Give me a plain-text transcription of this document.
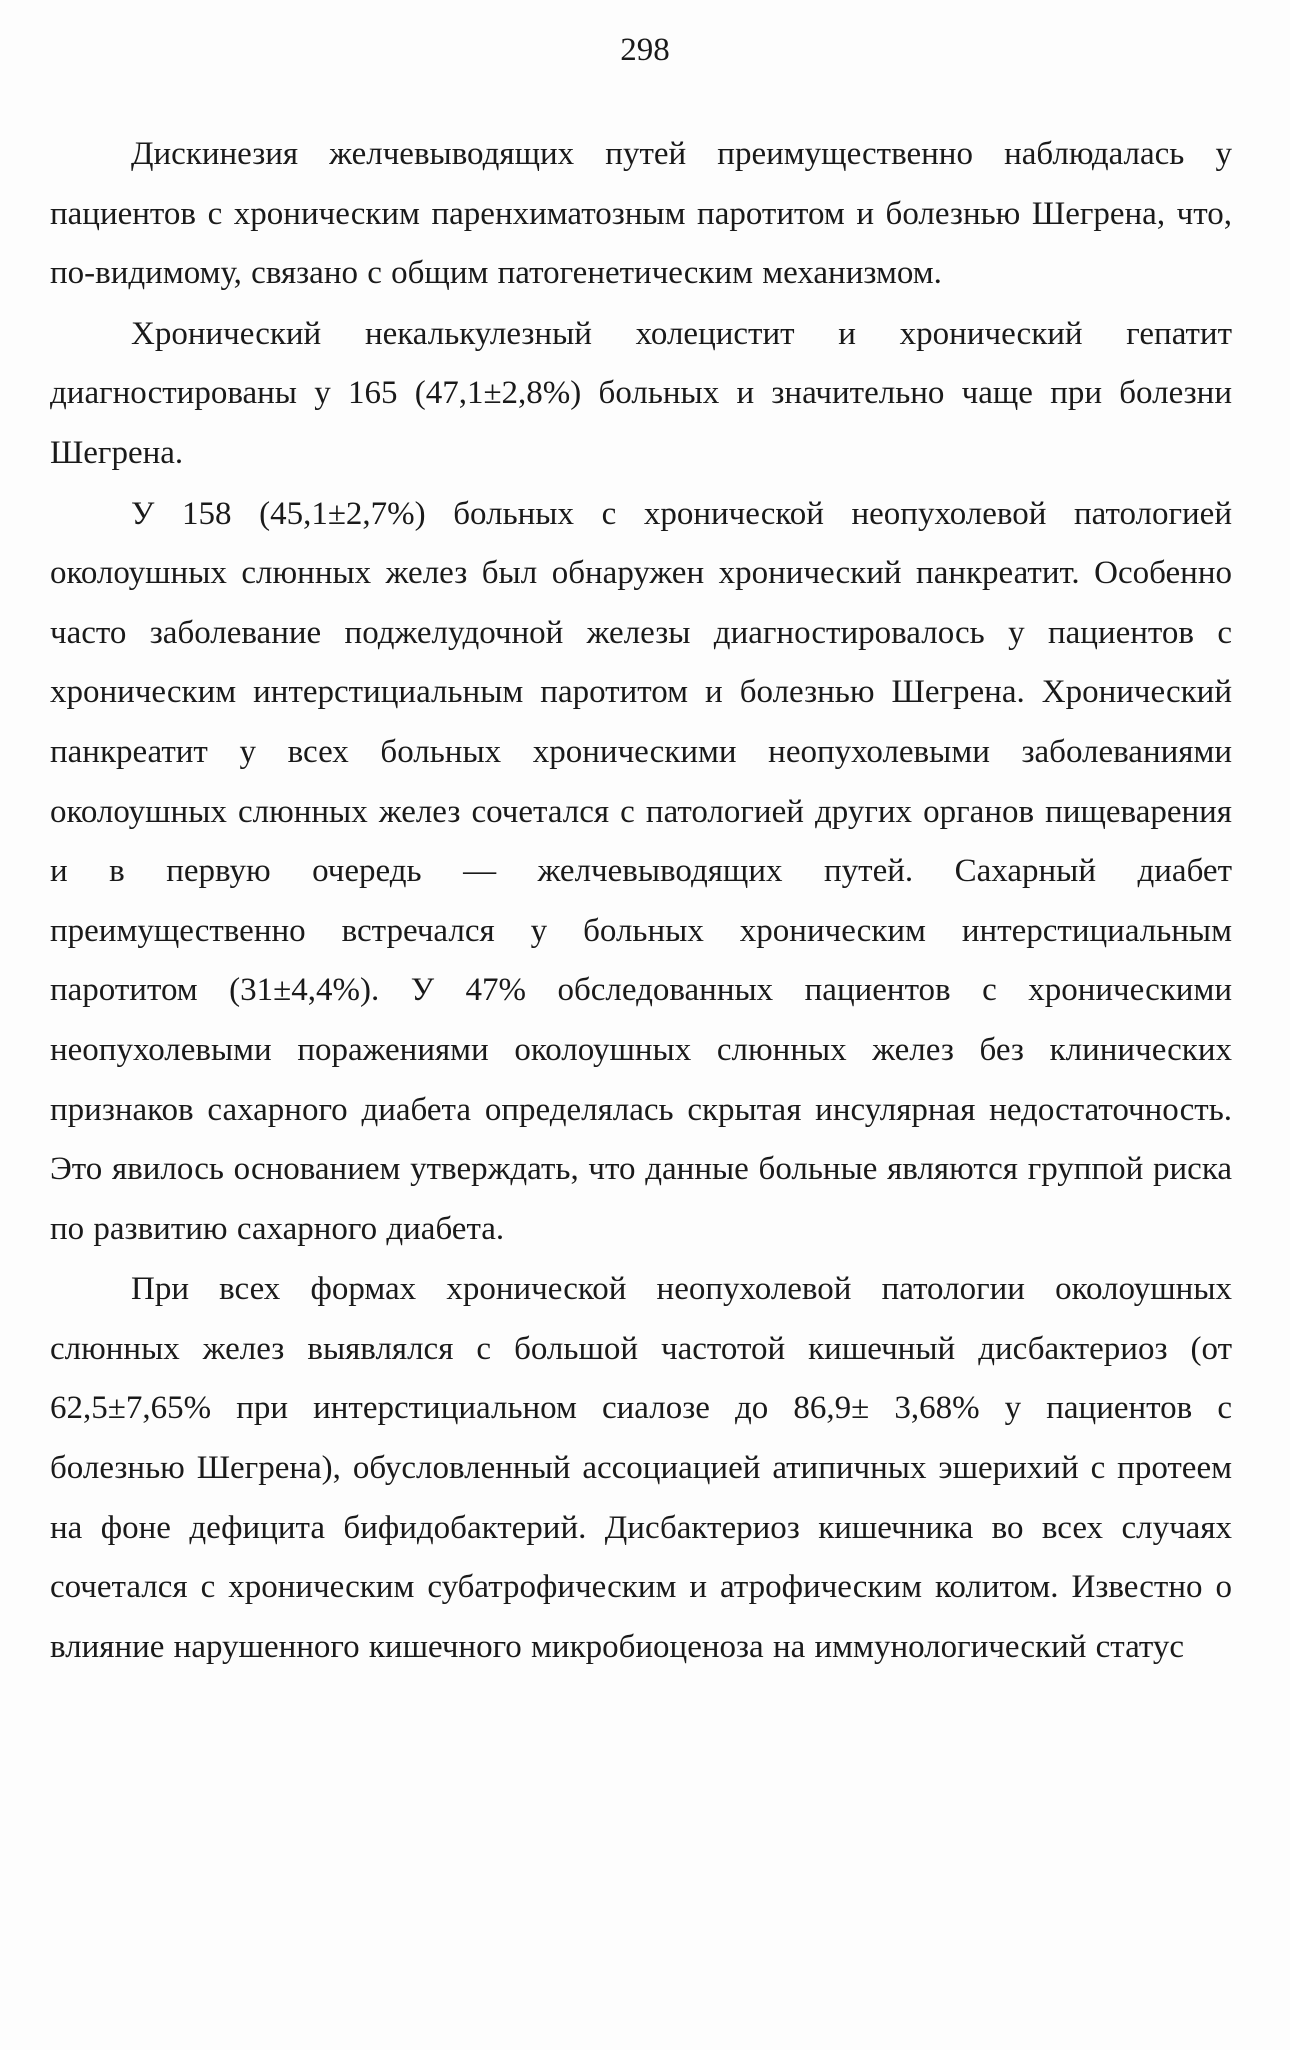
298

Дискинезия желчевыводящих путей преимущественно наблюдалась у пациентов с хроническим паренхиматозным паротитом и болезнью Шегрена, что, по-видимому, связано с общим патогенетическим механизмом.

Хронический некалькулезный холецистит и хронический гепатит диагностированы у 165 (47,1±2,8%) больных и значительно чаще при болезни Шегрена.

У 158 (45,1±2,7%) больных с хронической неопухолевой патологией околоушных слюнных желез был обнаружен хронический панкреатит. Особенно часто заболевание поджелудочной железы диагностировалось у пациентов с хроническим интерстициальным паротитом и болезнью Шегрена. Хронический панкреатит у всех больных хроническими неопухолевыми заболеваниями околоушных слюнных желез сочетался с патологией других органов пищеварения и в первую очередь — желчевыводящих путей. Сахарный диабет преимущественно встречался у больных хроническим интерстициальным паротитом (31±4,4%). У 47% обследованных пациентов с хроническими неопухолевыми поражениями околоушных слюнных желез без клинических признаков сахарного диабета определялась скрытая инсулярная недостаточность. Это явилось основанием утверждать, что данные больные являются группой риска по развитию сахарного диабета.

При всех формах хронической неопухолевой патологии околоушных слюнных желез выявлялся с большой частотой кишечный дисбактериоз (от 62,5±7,65% при интерстициальном сиалозе до 86,9± 3,68% у пациентов с болезнью Шегрена), обусловленный ассоциацией атипичных эшерихий с протеем на фоне дефицита бифидобактерий. Дисбактериоз кишечника во всех случаях сочетался с хроническим субатрофическим и атрофическим колитом. Известно о влияние нарушенного кишечного микробиоценоза на иммунологический статус
